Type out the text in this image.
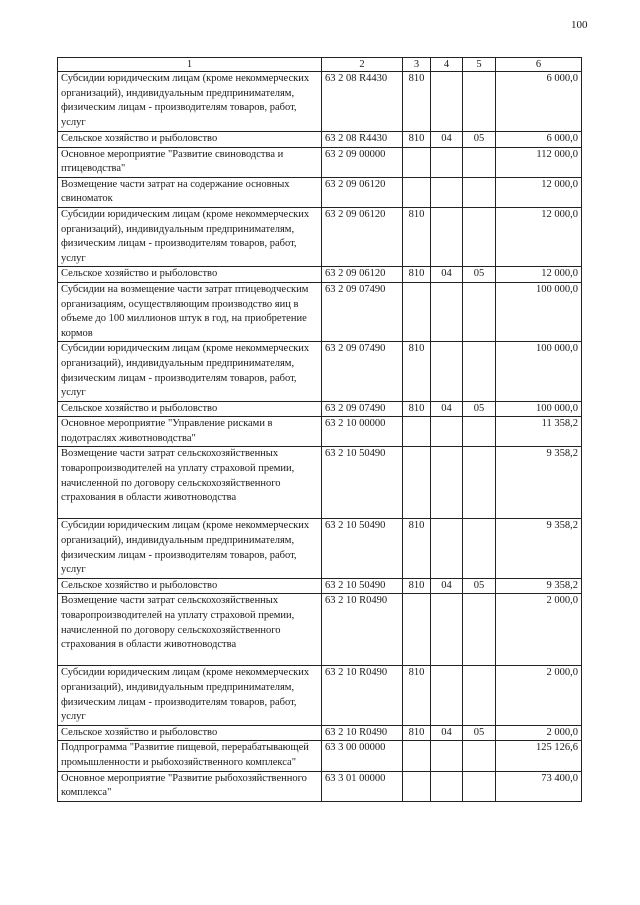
100
1	2	3	4	5	6
Субсидии юридическим лицам (кроме некоммерческих организаций), индивидуальным предпринимателям, физическим лицам - производителям товаров, работ, услуг	63 2 08 R4430	810			6 000,0
Сельское хозяйство и рыболовство	63 2 08 R4430	810	04	05	6 000,0
Основное мероприятие "Развитие свиноводства и птицеводства"	63 2 09 00000				112 000,0
Возмещение части затрат на содержание основных свиноматок	63 2 09 06120				12 000,0
Субсидии юридическим лицам (кроме некоммерческих организаций), индивидуальным предпринимателям, физическим лицам - производителям товаров, работ, услуг	63 2 09 06120	810			12 000,0
Сельское хозяйство и рыболовство	63 2 09 06120	810	04	05	12 000,0
Субсидии на возмещение части затрат птицеводческим организациям, осуществляющим производство яиц в объеме до 100 миллионов штук в год, на приобретение кормов	63 2 09 07490				100 000,0
Субсидии юридическим лицам (кроме некоммерческих организаций), индивидуальным предпринимателям, физическим лицам - производителям товаров, работ, услуг	63 2 09 07490	810			100 000,0
Сельское хозяйство и рыболовство	63 2 09 07490	810	04	05	100 000,0
Основное мероприятие "Управление рисками в подотраслях животноводства"	63 2 10 00000				11 358,2
Возмещение части затрат сельскохозяйственных товаропроизводителей на уплату страховой премии, начисленной по договору сельскохозяйственного страхования в области животноводства	63 2 10 50490				9 358,2
Субсидии юридическим лицам (кроме некоммерческих организаций), индивидуальным предпринимателям, физическим лицам - производителям товаров, работ, услуг	63 2 10 50490	810			9 358,2
Сельское хозяйство и рыболовство	63 2 10 50490	810	04	05	9 358,2
Возмещение части затрат сельскохозяйственных товаропроизводителей на уплату страховой премии, начисленной по договору сельскохозяйственного страхования в области животноводства	63 2 10 R0490				2 000,0
Субсидии юридическим лицам (кроме некоммерческих организаций), индивидуальным предпринимателям, физическим лицам - производителям товаров, работ, услуг	63 2 10 R0490	810			2 000,0
Сельское хозяйство и рыболовство	63 2 10 R0490	810	04	05	2 000,0
Подпрограмма "Развитие пищевой, перерабатывающей промышленности и рыбохозяйственного комплекса"	63 3 00 00000				125 126,6
Основное мероприятие "Развитие рыбохозяйственного комплекса"	63 3 01 00000				73 400,0
